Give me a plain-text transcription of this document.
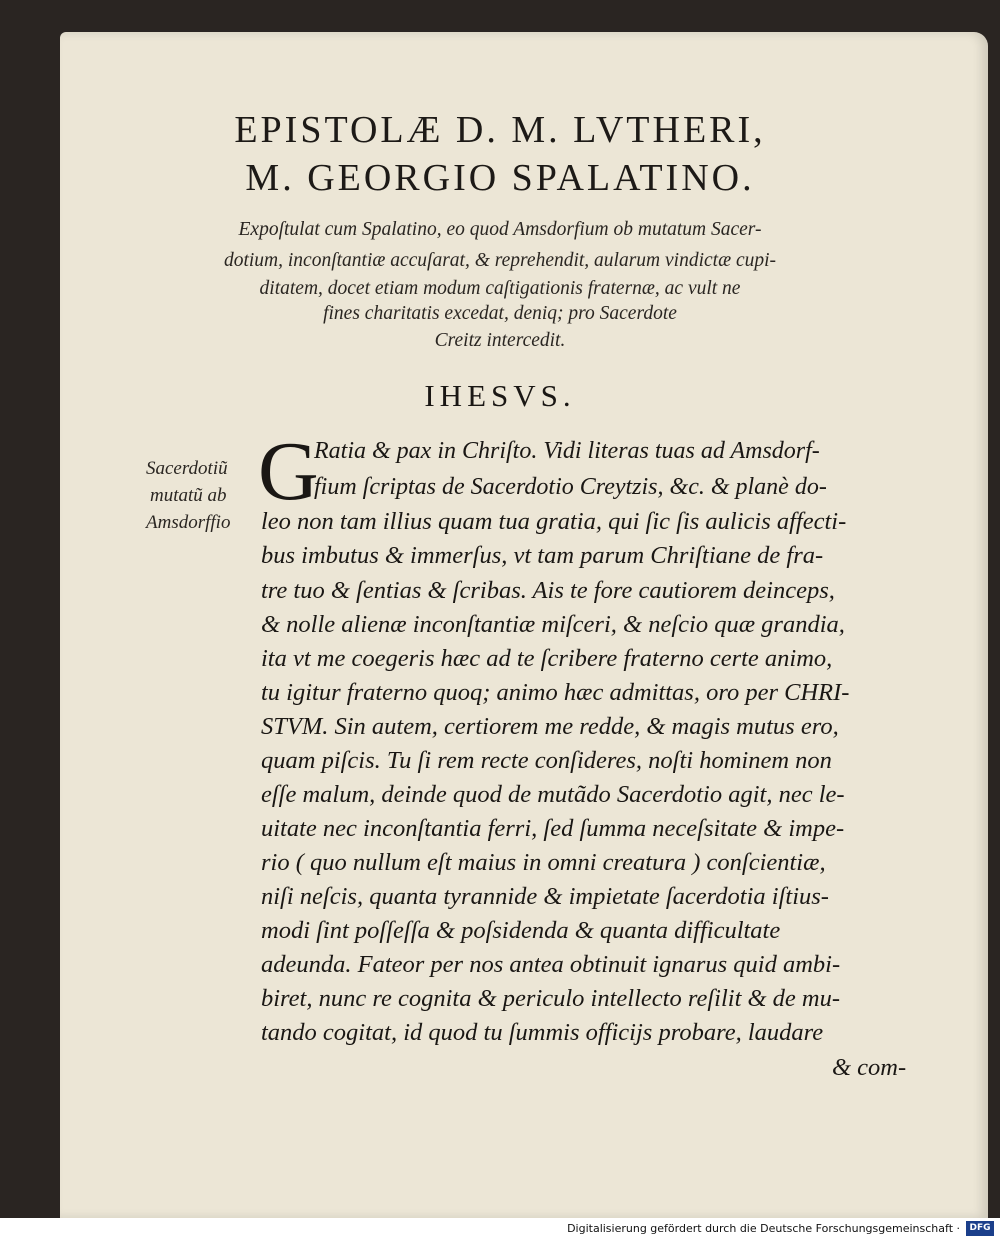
EPISTOLÆ D. M. LVTHERI,
M. GEORGIO SPALATINO.
Expoſtulat cum Spalatino, eo quod Amsdorfium ob mutatum Sacer-
dotium, inconſtantiæ accuſarat, & reprehendit, aularum vindictæ cupi-
ditatem, docet etiam modum caſtigationis fraternæ, ac vult ne
fines charitatis excedat, deniq; pro Sacerdote
Creitz intercedit.
IHESVS.
Sacerdotiũ
mutatũ ab
Amsdorffio
G
Ratia & pax in Chriſto. Vidi literas tuas ad Amsdorf-
fium ſcriptas de Sacerdotio Creytzis, &c. & planè do-
leo non tam illius quam tua gratia, qui ſic ſis aulicis affecti-
bus imbutus & immerſus, vt tam parum Chriſtiane de fra-
tre tuo & ſentias & ſcribas. Ais te fore cautiorem deinceps,
& nolle alienæ inconſtantiæ miſceri, & neſcio quæ grandia,
ita vt me coegeris hæc ad te ſcribere fraterno certe animo,
tu igitur fraterno quoq; animo hæc admittas, oro per CHRI-
STVM. Sin autem, certiorem me redde, & magis mutus ero,
quam piſcis. Tu ſi rem recte conſideres, noſti hominem non
eſſe malum, deinde quod de mutãdo Sacerdotio agit, nec le-
uitate nec inconſtantia ferri, ſed ſumma neceſsitate & impe-
rio ( quo nullum eſt maius in omni creatura ) conſcientiæ,
niſi neſcis, quanta tyrannide & impietate ſacerdotia iſtius-
modi ſint poſſeſſa & poſsidenda & quanta difficultate
adeunda. Fateor per nos antea obtinuit ignarus quid ambi-
biret, nunc re cognita & periculo intellecto reſilit & de mu-
tando cogitat, id quod tu ſummis officijs probare, laudare
& com-
Digitalisierung gefördert durch die Deutsche Forschungsgemeinschaft ·	DFG
